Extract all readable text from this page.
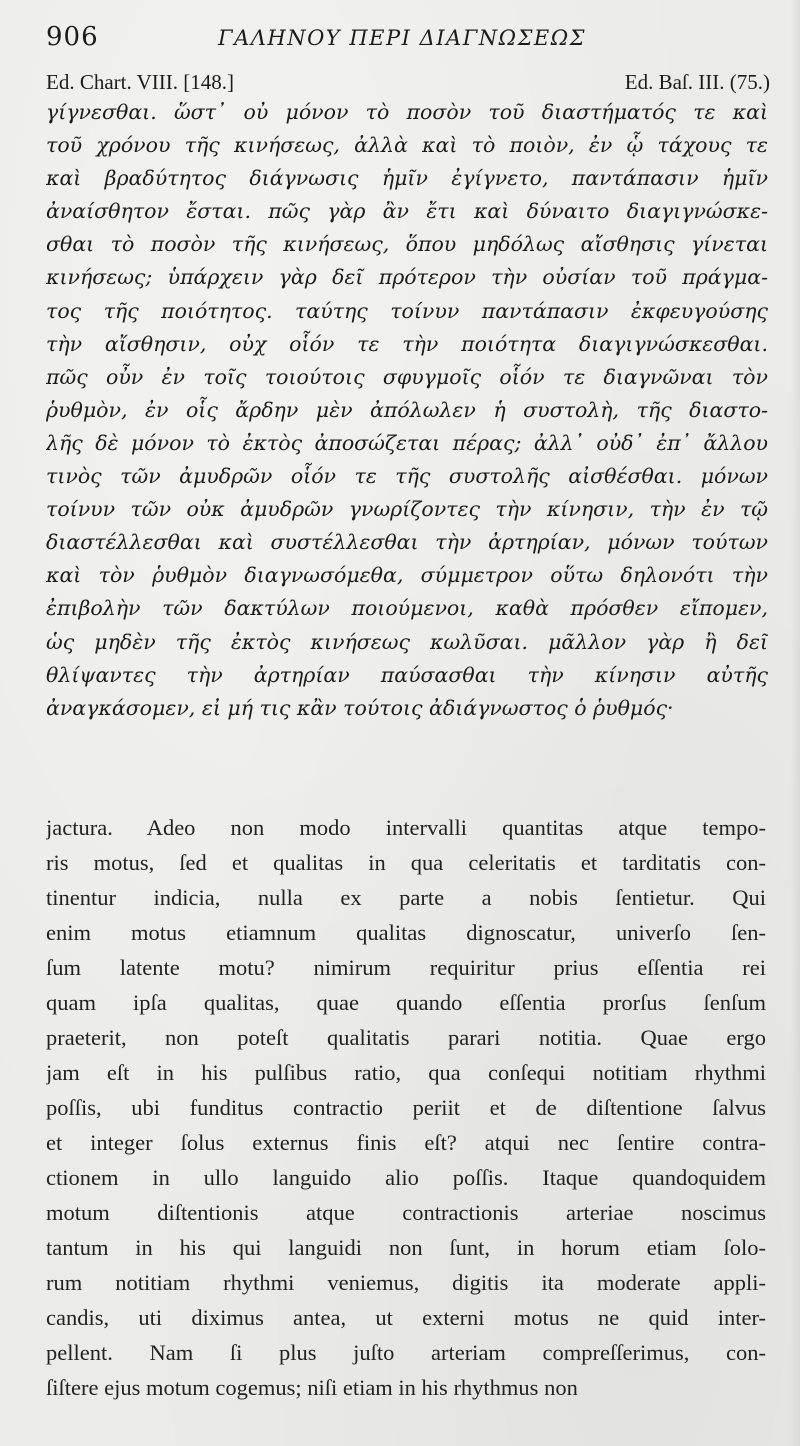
906	ΓΑΛΗΝΟΥ ΠΕΡΙ ΔΙΑΓΝΩΣΕΩΣ
Ed. Chart. VIII. [148.]	Ed. Baſ. III. (75.)
γίγνεσθαι. ὥστ᾽ οὐ μόνον τὸ ποσὸν τοῦ διαστήματός τε καὶ
τοῦ χρόνου τῆς κινήσεως, ἀλλὰ καὶ τὸ ποιὸν, ἐν ᾧ τάχους τε
καὶ βραδύτητος διάγνωσις ἡμῖν ἐγίγνετο, παντάπασιν ἡμῖν
ἀναίσθητον ἔσται. πῶς γὰρ ἂν ἔτι καὶ δύναιτο διαγιγνώσκε-
σθαι τὸ ποσὸν τῆς κινήσεως, ὅπου μηδόλως αἴσθησις γίνεται
κινήσεως; ὑπάρχειν γὰρ δεῖ πρότερον τὴν οὐσίαν τοῦ πράγμα-
τος τῆς ποιότητος. ταύτης τοίνυν παντάπασιν ἐκφευγούσης
τὴν αἴσθησιν, οὐχ οἷόν τε τὴν ποιότητα διαγιγνώσκεσθαι.
πῶς οὖν ἐν τοῖς τοιούτοις σφυγμοῖς οἷόν τε διαγνῶναι τὸν
ῥυθμὸν, ἐν οἷς ἄρδην μὲν ἀπόλωλεν ἡ συστολὴ, τῆς διαστο-
λῆς δὲ μόνον τὸ ἐκτὸς ἀποσώζεται πέρας; ἀλλ᾽ οὐδ᾽ ἐπ᾽ ἄλλου
τινὸς τῶν ἀμυδρῶν οἷόν τε τῆς συστολῆς αἰσθέσθαι. μόνων
τοίνυν τῶν οὐκ ἀμυδρῶν γνωρίζοντες τὴν κίνησιν, τὴν ἐν τῷ
διαστέλλεσθαι καὶ συστέλλεσθαι τὴν ἀρτηρίαν, μόνων τούτων
καὶ τὸν ῥυθμὸν διαγνωσόμεθα, σύμμετρον οὕτω δηλονότι τὴν
ἐπιβολὴν τῶν δακτύλων ποιούμενοι, καθὰ πρόσθεν εἴπομεν,
ὡς μηδὲν τῆς ἐκτὸς κινήσεως κωλῦσαι. μᾶλλον γὰρ ἢ δεῖ
θλίψαντες τὴν ἀρτηρίαν παύσασθαι τὴν κίνησιν αὐτῆς
ἀναγκάσομεν, εἰ μή τις κἂν τούτοις ἀδιάγνωστος ὁ ῥυθμός·
jactura. Adeo non modo intervalli quantitas atque tempo-
ris motus, ſed et qualitas in qua celeritatis et tarditatis con-
tinentur indicia, nulla ex parte a nobis ſentietur. Qui
enim motus etiamnum qualitas dignoscatur, univerſo ſen-
ſum latente motu? nimirum requiritur prius eſſentia rei
quam ipſa qualitas, quae quando eſſentia prorſus ſenſum
praeterit, non poteſt qualitatis parari notitia. Quae ergo
jam eſt in his pulſibus ratio, qua conſequi notitiam rhythmi
poſſis, ubi funditus contractio periit et de diſtentione ſalvus
et integer ſolus externus finis eſt? atqui nec ſentire contra-
ctionem in ullo languido alio poſſis. Itaque quandoquidem
motum diſtentionis atque contractionis arteriae noscimus
tantum in his qui languidi non ſunt, in horum etiam ſolo-
rum notitiam rhythmi veniemus, digitis ita moderate appli-
candis, uti diximus antea, ut externi motus ne quid inter-
pellent. Nam ſi plus juſto arteriam compreſſerimus, con-
ſiſtere ejus motum cogemus; niſi etiam in his rhythmus non
